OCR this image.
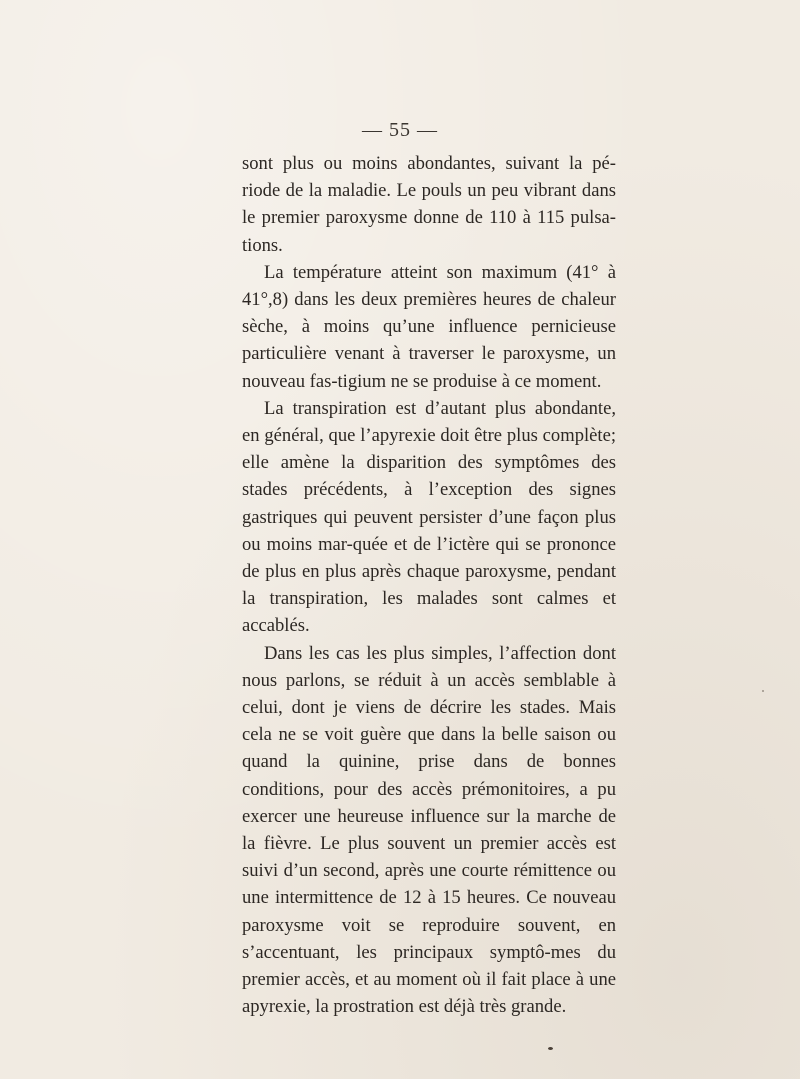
— 55 —

sont plus ou moins abondantes, suivant la pé-riode de la maladie. Le pouls un peu vibrant dans le premier paroxysme donne de 110 à 115 pulsa-tions.

La température atteint son maximum (41° à 41°,8) dans les deux premières heures de chaleur sèche, à moins qu’une influence pernicieuse particulière venant à traverser le paroxysme, un nouveau fas-tigium ne se produise à ce moment.

La transpiration est d’autant plus abondante, en général, que l’apyrexie doit être plus complète; elle amène la disparition des symptômes des stades précédents, à l’exception des signes gastriques qui peuvent persister d’une façon plus ou moins mar-quée et de l’ictère qui se prononce de plus en plus après chaque paroxysme, pendant la transpiration, les malades sont calmes et accablés.

Dans les cas les plus simples, l’affection dont nous parlons, se réduit à un accès semblable à celui, dont je viens de décrire les stades. Mais cela ne se voit guère que dans la belle saison ou quand la quinine, prise dans de bonnes conditions, pour des accès prémonitoires, a pu exercer une heureuse influence sur la marche de la fièvre. Le plus souvent un premier accès est suivi d’un second, après une courte rémittence ou une intermittence de 12 à 15 heures. Ce nouveau paroxysme voit se reproduire souvent, en s’accentuant, les principaux symptô-mes du premier accès, et au moment où il fait place à une apyrexie, la prostration est déjà très grande.
